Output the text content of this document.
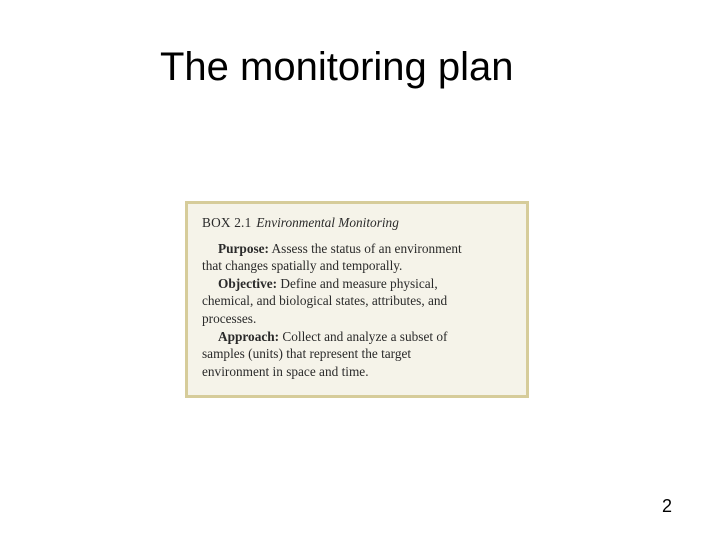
The monitoring plan
BOX 2.1 Environmental Monitoring
Purpose: Assess the status of an environment
that changes spatially and temporally.
Objective: Define and measure physical,
chemical, and biological states, attributes, and
processes.
Approach: Collect and analyze a subset of
samples (units) that represent the target
environment in space and time.
2
